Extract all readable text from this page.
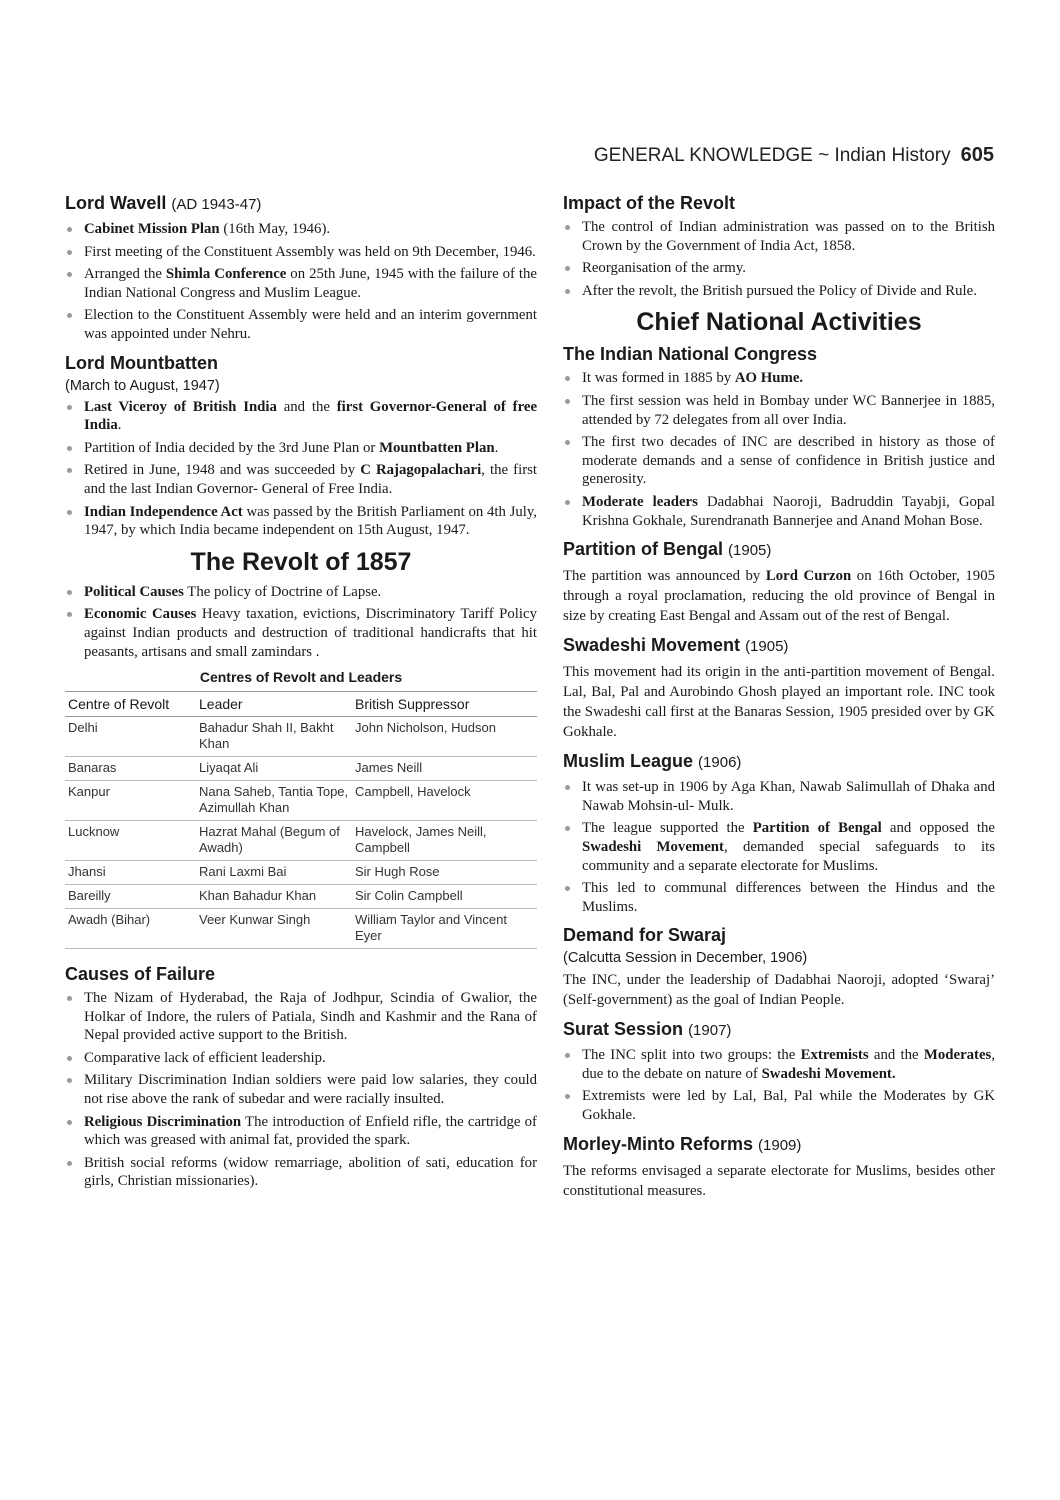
GENERAL KNOWLEDGE ~ Indian History 605
Lord Wavell (AD 1943-47)
Cabinet Mission Plan (16th May, 1946).
First meeting of the Constituent Assembly was held on 9th December, 1946.
Arranged the Shimla Conference on 25th June, 1945 with the failure of the Indian National Congress and Muslim League.
Election to the Constituent Assembly were held and an interim government was appointed under Nehru.
Lord Mountbatten
(March to August, 1947)
Last Viceroy of British India and the first Governor-General of free India.
Partition of India decided by the 3rd June Plan or Mountbatten Plan.
Retired in June, 1948 and was succeeded by C Rajagopalachari, the first and the last Indian Governor- General of Free India.
Indian Independence Act was passed by the British Parliament on 4th July, 1947, by which India became independent on 15th August, 1947.
The Revolt of 1857
Political Causes The policy of Doctrine of Lapse.
Economic Causes Heavy taxation, evictions, Discriminatory Tariff Policy against Indian products and destruction of traditional handicrafts that hit peasants, artisans and small zamindars .
Centres of Revolt and Leaders
Centre of Revolt	Leader	British Suppressor
Delhi	Bahadur Shah II, Bakht Khan	John Nicholson, Hudson
Banaras	Liyaqat Ali	James Neill
Kanpur	Nana Saheb, Tantia Tope, Azimullah Khan	Campbell, Havelock
Lucknow	Hazrat Mahal (Begum of Awadh)	Havelock, James Neill, Campbell
Jhansi	Rani Laxmi Bai	Sir Hugh Rose
Bareilly	Khan Bahadur Khan	Sir Colin Campbell
Awadh (Bihar)	Veer Kunwar Singh	William Taylor and Vincent Eyer
Causes of Failure
The Nizam of Hyderabad, the Raja of Jodhpur, Scindia of Gwalior, the Holkar of Indore, the rulers of Patiala, Sindh and Kashmir and the Rana of Nepal provided active support to the British.
Comparative lack of efficient leadership.
Military Discrimination Indian soldiers were paid low salaries, they could not rise above the rank of subedar and were racially insulted.
Religious Discrimination The introduction of Enfield rifle, the cartridge of which was greased with animal fat, provided the spark.
British social reforms (widow remarriage, abolition of sati, education for girls, Christian missionaries).
Impact of the Revolt
The control of Indian administration was passed on to the British Crown by the Government of India Act, 1858.
Reorganisation of the army.
After the revolt, the British pursued the Policy of Divide and Rule.
Chief National Activities
The Indian National Congress
It was formed in 1885 by AO Hume.
The first session was held in Bombay under WC Bannerjee in 1885, attended by 72 delegates from all over India.
The first two decades of INC are described in history as those of moderate demands and a sense of confidence in British justice and generosity.
Moderate leaders Dadabhai Naoroji, Badruddin Tayabji, Gopal Krishna Gokhale, Surendranath Bannerjee and Anand Mohan Bose.
Partition of Bengal (1905)

The partition was announced by Lord Curzon on 16th October, 1905 through a royal proclamation, reducing the old province of Bengal in size by creating East Bengal and Assam out of the rest of Bengal.

Swadeshi Movement (1905)

This movement had its origin in the anti-partition movement of Bengal. Lal, Bal, Pal and Aurobindo Ghosh played an important role. INC took the Swadeshi call first at the Banaras Session, 1905 presided over by GK Gokhale.

Muslim League (1906)
It was set-up in 1906 by Aga Khan, Nawab Salimullah of Dhaka and Nawab Mohsin-ul- Mulk.
The league supported the Partition of Bengal and opposed the Swadeshi Movement, demanded special safeguards to its community and a separate electorate for Muslims.
This led to communal differences between the Hindus and the Muslims.
Demand for Swaraj
(Calcutta Session in December, 1906)

The INC, under the leadership of Dadabhai Naoroji, adopted ‘Swaraj’ (Self-government) as the goal of Indian People.

Surat Session (1907)
The INC split into two groups: the Extremists and the Moderates, due to the debate on nature of Swadeshi Movement.
Extremists were led by Lal, Bal, Pal while the Moderates by GK Gokhale.
Morley-Minto Reforms (1909)

The reforms envisaged a separate electorate for Muslims, besides other constitutional measures.
